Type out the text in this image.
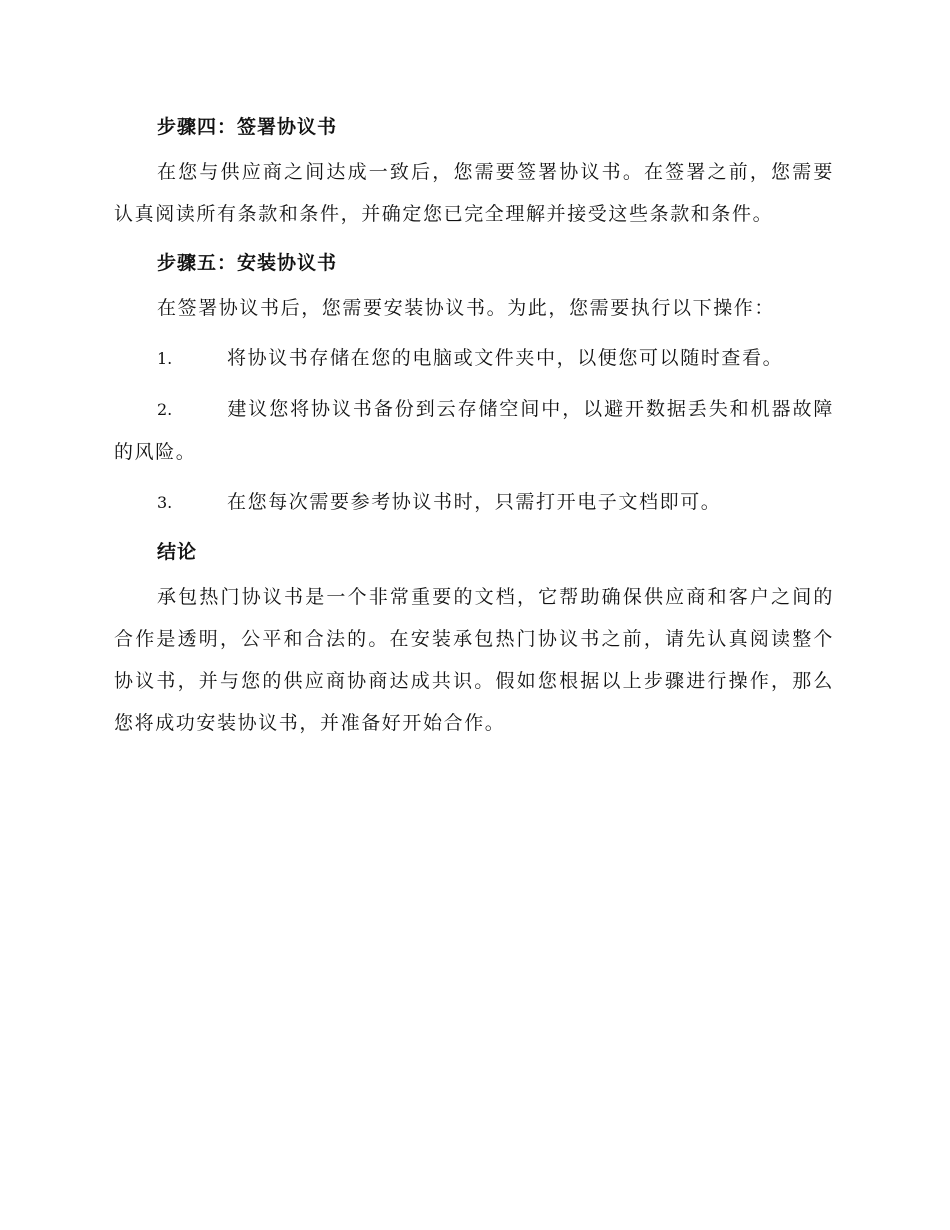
步骤四：签署协议书

在您与供应商之间达成一致后，您需要签署协议书。在签署之前，您需要认真阅读所有条款和条件，并确定您已完全理解并接受这些条款和条件。

步骤五：安装协议书

在签署协议书后，您需要安装协议书。为此，您需要执行以下操作：

1.	将协议书存储在您的电脑或文件夹中，以便您可以随时查看。
2.	建议您将协议书备份到云存储空间中，以避开数据丢失和机器故障的风险。
3.	在您每次需要参考协议书时，只需打开电子文档即可。
结论

承包热门协议书是一个非常重要的文档，它帮助确保供应商和客户之间的合作是透明，公平和合法的。在安装承包热门协议书之前，请先认真阅读整个协议书，并与您的供应商协商达成共识。假如您根据以上步骤进行操作，那么您将成功安装协议书，并准备好开始合作。
